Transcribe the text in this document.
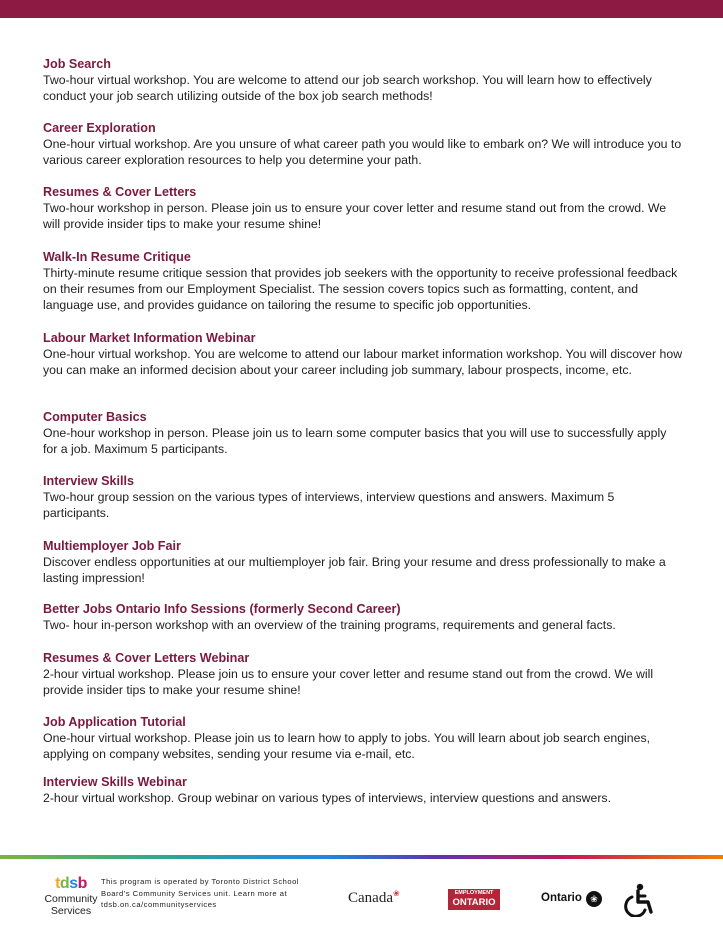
Job Search
Two-hour virtual workshop. You are welcome to attend our job search workshop. You will learn how to effectively conduct your job search utilizing outside of the box job search methods!
Career Exploration
One-hour virtual workshop. Are you unsure of what career path you would like to embark on? We will introduce you to various career exploration resources to help you determine your path.
Resumes & Cover Letters
Two-hour workshop in person. Please join us to ensure your cover letter and resume stand out from the crowd. We will provide insider tips to make your resume shine!
Walk-In Resume Critique
Thirty-minute resume critique session that provides job seekers with the opportunity to receive professional feedback on their resumes from our Employment Specialist. The session covers topics such as formatting, content, and language use, and provides guidance on tailoring the resume to specific job opportunities.
Labour Market Information Webinar
One-hour virtual workshop. You are welcome to attend our labour market information workshop. You will discover how you can make an informed decision about your career including job summary, labour prospects, income, etc.
Computer Basics
One-hour workshop in person. Please join us to learn some computer basics that you will use to successfully apply for a job. Maximum 5 participants.
Interview Skills
Two-hour group session on the various types of interviews, interview questions and answers. Maximum 5 participants.
Multiemployer Job Fair
Discover endless opportunities at our multiemployer job fair. Bring your resume and dress professionally to make a lasting impression!
Better Jobs Ontario Info Sessions (formerly Second Career)
Two- hour in-person workshop with an overview of the training programs, requirements and general facts.
Resumes & Cover Letters Webinar
2-hour virtual workshop. Please join us to ensure your cover letter and resume stand out from the crowd. We will provide insider tips to make your resume shine!
Job Application Tutorial
One-hour virtual workshop. Please join us to learn how to apply to jobs. You will learn about job search engines, applying on company websites, sending your resume via e-mail, etc.
Interview Skills Webinar
2-hour virtual workshop. Group webinar on various types of interviews, interview questions and answers.
tdsb
Community
Services
This program is operated by Toronto District School
Board's Community Services unit. Learn more at
tdsb.on.ca/communityservices	Canada❀	EMPLOYMENT
ONTARIO	Ontario ❀
